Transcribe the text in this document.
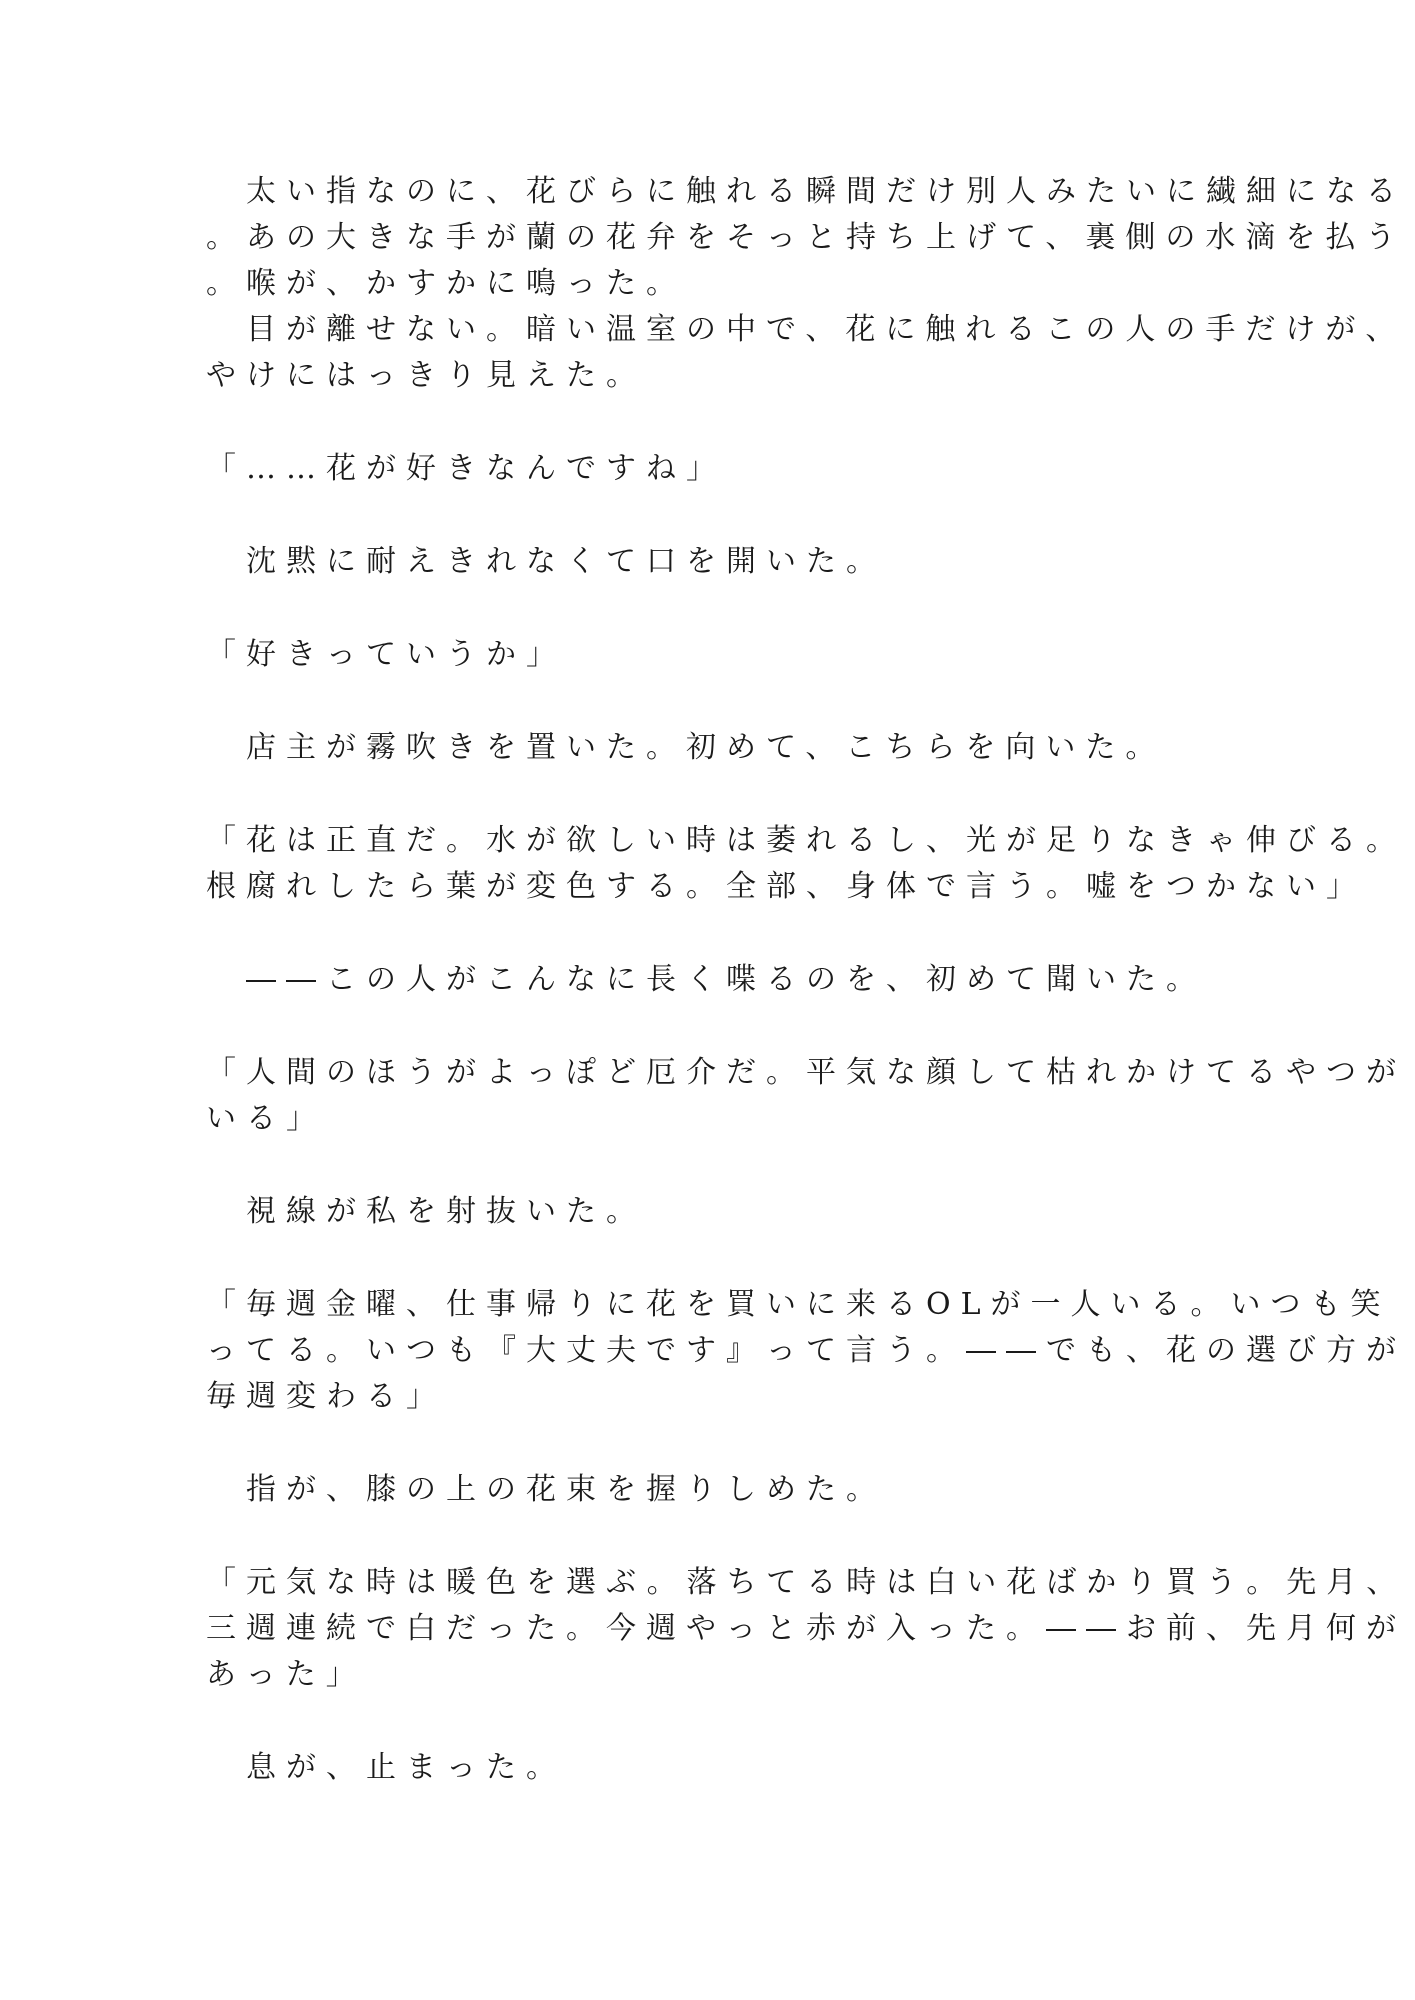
　太い指なのに、花びらに触れる瞬間だけ別人みたいに繊細になる
。あの大きな手が蘭の花弁をそっと持ち上げて、裏側の水滴を払う
。喉が、かすかに鳴った。
　目が離せない。暗い温室の中で、花に触れるこの人の手だけが、
やけにはっきり見えた。
「……花が好きなんですね」
　沈黙に耐えきれなくて口を開いた。
「好きっていうか」
　店主が霧吹きを置いた。初めて、こちらを向いた。
「花は正直だ。水が欲しい時は萎れるし、光が足りなきゃ伸びる。
根腐れしたら葉が変色する。全部、身体で言う。嘘をつかない」
　――この人がこんなに長く喋るのを、初めて聞いた。
「人間のほうがよっぽど厄介だ。平気な顔して枯れかけてるやつが
いる」
　視線が私を射抜いた。
「毎週金曜、仕事帰りに花を買いに来るOLが一人いる。いつも笑
ってる。いつも『大丈夫です』って言う。――でも、花の選び方が
毎週変わる」
　指が、膝の上の花束を握りしめた。
「元気な時は暖色を選ぶ。落ちてる時は白い花ばかり買う。先月、
三週連続で白だった。今週やっと赤が入った。――お前、先月何が
あった」
　息が、止まった。
